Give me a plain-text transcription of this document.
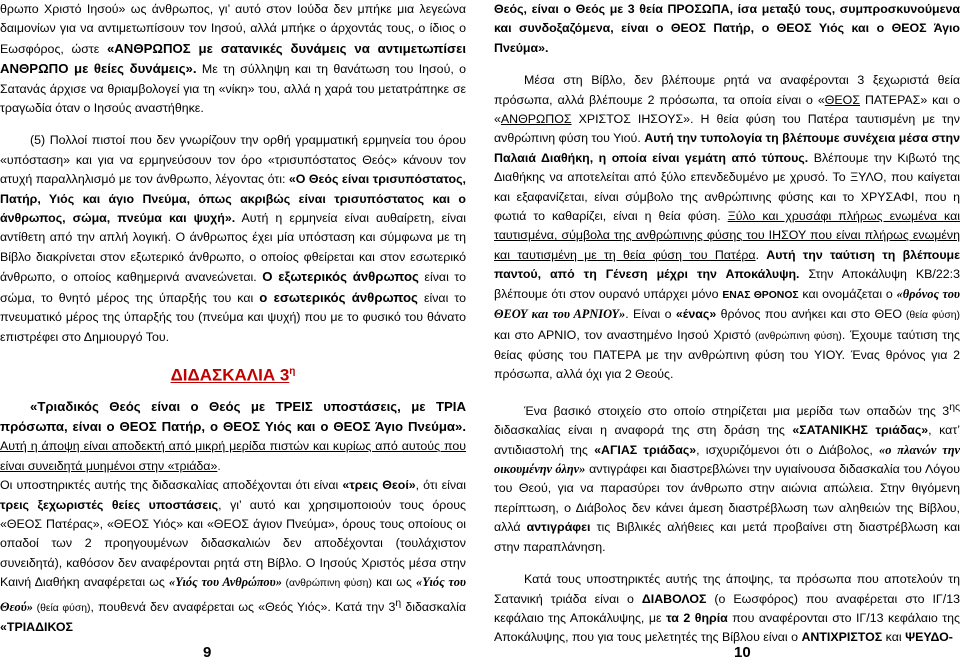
θρωπο Χριστό Ιησού» ως άνθρωπος, γι’ αυτό στον Ιούδα δεν μπήκε μια λεγεώνα δαιμονίων για να αντιμετωπίσουν τον Ιησού, αλλά μπήκε ο άρχοντάς τους, ο ίδιος ο Εωσφόρος, ώστε «ΑΝΘΡΩΠΟΣ με σατανικές δυνάμεις να αντιμετωπίσει ΑΝΘΡΩΠΟ με θείες δυνάμεις». Με τη σύλληψη και τη θανάτωση του Ιησού, ο Σατανάς άρχισε να θριαμβολογεί για τη «νίκη» του, αλλά η χαρά του μετατράπηκε σε τραγωδία όταν ο Ιησούς αναστήθηκε.

(5) Πολλοί πιστοί που δεν γνωρίζουν την ορθή γραμματική ερμηνεία του όρου «υπόσταση» και για να ερμηνεύσουν τον όρο «τρισυπόστατος Θεός» κάνουν τον ατυχή παραλληλισμό με τον άνθρωπο, λέγοντας ότι: «Ο Θεός είναι τρισυπόστατος, Πατήρ, Υιός και άγιο Πνεύμα, όπως ακριβώς είναι τρισυπόστατος και ο άνθρωπος, σώμα, πνεύμα και ψυχή». Αυτή η ερμηνεία είναι αυθαίρετη, είναι αντίθετη από την απλή λογική. Ο άνθρωπος έχει μία υπόσταση και σύμφωνα με τη Βίβλο διακρίνεται στον εξωτερικό άνθρωπο, ο οποίος φθείρεται και στον εσωτερικό άνθρωπο, ο οποίος καθημερινά ανανεώνεται. Ο εξωτερικός άνθρωπος είναι το σώμα, το θνητό μέρος της ύπαρξής του και ο εσωτερικός άνθρωπος είναι το πνευματικό μέρος της ύπαρξής του (πνεύμα και ψυχή) που με το φυσικό του θάνατο επιστρέφει στο Δημιουργό Του.

ΔΙΔΑΣΚΑΛΙΑ $3^\eta$

«Τριαδικός Θεός είναι ο Θεός με ΤΡΕΙΣ υποστάσεις, με ΤΡΙΑ πρόσωπα, είναι ο ΘΕΟΣ Πατήρ, ο ΘΕΟΣ Υιός και ο ΘΕΟΣ Άγιο Πνεύμα». Αυτή η άποψη είναι αποδεκτή από μικρή μερίδα πιστών και κυρίως από αυτούς που είναι συνειδητά μυημένοι στην «τριάδα».

Οι υποστηρικτές αυτής της διδασκαλίας αποδέχονται ότι είναι «τρεις Θεοί», ότι είναι τρεις ξεχωριστές θείες υποστάσεις, γι’ αυτό και χρησιμοποιούν τους όρους «ΘΕΟΣ Πατέρας», «ΘΕΟΣ Υιός» και «ΘΕΟΣ άγιον Πνεύμα», όρους τους οποίους οι οπαδοί των 2 προηγουμένων διδασκαλιών δεν αποδέχονται (τουλάχιστον συνειδητά), καθόσον δεν αναφέρονται ρητά στη Βίβλο. Ο Ιησούς Χριστός μέσα στην Καινή Διαθήκη αναφέρεται ως «Υιός του Ανθρώπου» (ανθρώπινη φύση) και ως «Υιός του Θεού» (θεία φύση), πουθενά δεν αναφέρεται ως «Θεός Υιός». Κατά την $3^\eta$ διδασκαλία «ΤΡΙΑΔΙΚΟΣ

9

Θεός, είναι ο Θεός με 3 θεία ΠΡΟΣΩΠΑ, ίσα μεταξύ τους, συμπροσκυνούμενα και συνδοξαζόμενα, είναι ο ΘΕΟΣ Πατήρ, ο ΘΕΟΣ Υιός και ο ΘΕΟΣ Άγιο Πνεύμα».

Μέσα στη Βίβλο, δεν βλέπουμε ρητά να αναφέρονται 3 ξεχωριστά θεία πρόσωπα, αλλά βλέπουμε 2 πρόσωπα, τα οποία είναι ο «ΘΕΟΣ ΠΑΤΕΡΑΣ» και ο «ΑΝΘΡΩΠΟΣ ΧΡΙΣΤΟΣ ΙΗΣΟΥΣ». Η θεία φύση του Πατέρα ταυτισμένη με την ανθρώπινη φύση του Υιού. Αυτή την τυπολογία τη βλέπουμε συνέχεια μέσα στην Παλαιά Διαθήκη, η οποία είναι γεμάτη από τύπους. Βλέπουμε την Κιβωτό της Διαθήκης να αποτελείται από ξύλο επενδεδυμένο με χρυσό. Το ΞΥΛΟ, που καίγεται και εξαφανίζεται, είναι σύμβολο της ανθρώπινης φύσης και το ΧΡΥΣΑΦΙ, που η φωτιά το καθαρίζει, είναι η θεία φύση. Ξύλο και χρυσάφι πλήρως ενωμένα και ταυτισμένα, σύμβολα της ανθρώπινης φύσης του ΙΗΣΟΥ που είναι πλήρως ενωμένη και ταυτισμένη με τη θεία φύση του Πατέρα. Αυτή την ταύτιση τη βλέπουμε παντού, από τη Γένεση μέχρι την Αποκάλυψη. Στην Αποκάλυψη ΚΒ/22:3 βλέπουμε ότι στον ουρανό υπάρχει μόνο ΕΝΑΣ ΘΡΟΝΟΣ και ονομάζεται ο «θρόνος του ΘΕΟΥ και του ΑΡΝΙΟΥ». Είναι ο «ένας» θρόνος που ανήκει και στο ΘΕΟ (θεία φύση) και στο ΑΡΝΙΟ, τον αναστημένο Ιησού Χριστό (ανθρώπινη φύση). Έχουμε ταύτιση της θείας φύσης του ΠΑΤΕΡΑ με την ανθρώπινη φύση του ΥΙΟΥ. Ένας θρόνος για 2 πρόσωπα, αλλά όχι για 2 Θεούς.

Ένα βασικό στοιχείο στο οποίο στηρίζεται μια μερίδα των οπαδών της $3^{\eta\varsigma}$ διδασκαλίας είναι η αναφορά της στη δράση της «ΣΑΤΑΝΙΚΗΣ τριάδας», κατ’ αντιδιαστολή της «ΑΓΙΑΣ τριάδας», ισχυριζόμενοι ότι ο Διάβολος, «ο πλανών την οικουμένην όλην» αντιγράφει και διαστρεβλώνει την υγιαίνουσα διδασκαλία του Λόγου του Θεού, για να παρασύρει τον άνθρωπο στην αιώνια απώλεια. Στην θιγόμενη περίπτωση, ο Διάβολος δεν κάνει άμεση διαστρέβλωση των αληθειών της Βίβλου, αλλά αντιγράφει τις Βιβλικές αλήθειες και μετά προβαίνει στη διαστρέβλωση και στην παραπλάνηση.

Κατά τους υποστηρικτές αυτής της άποψης, τα πρόσωπα που αποτελούν τη Σατανική τριάδα είναι ο ΔΙΑΒΟΛΟΣ (ο Εωσφόρος) που αναφέρεται στο ΙΓ/13 κεφάλαιο της Αποκάλυψης, με τα 2 θηρία που αναφέρονται στο ΙΓ/13 κεφάλαιο της Αποκάλυψης, που για τους μελετητές της Βίβλου είναι ο ΑΝΤΙΧΡΙΣΤΟΣ και ΨΕΥΔΟ-

10
